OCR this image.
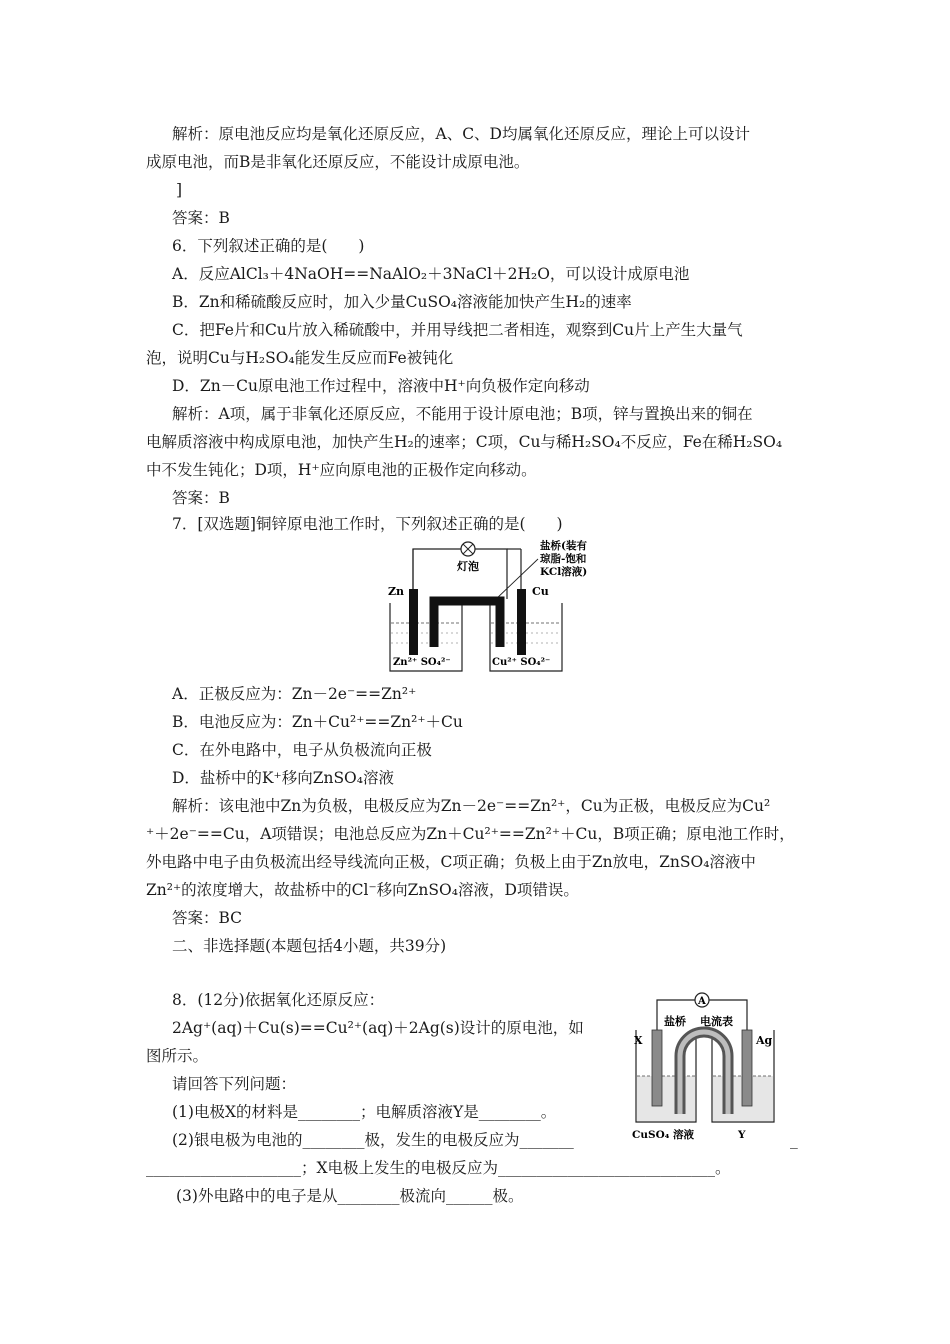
解析：原电池反应均是氧化还原反应，A、C、D均属氧化还原反应，理论上可以设计
成原电池，而B是非氧化还原反应，不能设计成原电池。
]
答案：B
6．下列叙述正确的是(　　)
A．反应AlCl₃＋4NaOH==NaAlO₂＋3NaCl＋2H₂O，可以设计成原电池
B．Zn和稀硫酸反应时，加入少量CuSO₄溶液能加快产生H₂的速率
C．把Fe片和Cu片放入稀硫酸中，并用导线把二者相连，观察到Cu片上产生大量气
泡，说明Cu与H₂SO₄能发生反应而Fe被钝化
D．Zn－Cu原电池工作过程中，溶液中H⁺向负极作定向移动
解析：A项，属于非氧化还原反应，不能用于设计原电池；B项，锌与置换出来的铜在
电解质溶液中构成原电池，加快产生H₂的速率；C项，Cu与稀H₂SO₄不反应，Fe在稀H₂SO₄
中不发生钝化；D项，H⁺应向原电池的正极作定向移动。
答案：B
7．[双选题]铜锌原电池工作时，下列叙述正确的是(　　)
灯泡
盐桥(装有
琼脂-饱和
KCl溶液)
Zn	Cu
Zn²⁺ SO₄²⁻	Cu²⁺ SO₄²⁻
A．正极反应为：Zn－2e⁻==Zn²⁺
B．电池反应为：Zn＋Cu²⁺==Zn²⁺＋Cu
C．在外电路中，电子从负极流向正极
D．盐桥中的K⁺移向ZnSO₄溶液
解析：该电池中Zn为负极，电极反应为Zn－2e⁻==Zn²⁺，Cu为正极，电极反应为Cu²
⁺＋2e⁻==Cu，A项错误；电池总反应为Zn＋Cu²⁺==Zn²⁺＋Cu，B项正确；原电池工作时，
外电路中电子由负极流出经导线流向正极，C项正确；负极上由于Zn放电，ZnSO₄溶液中
Zn²⁺的浓度增大，故盐桥中的Cl⁻移向ZnSO₄溶液，D项错误。
答案：BC
二、非选择题(本题包括4小题，共39分)
8．(12分)依据氧化还原反应：
2Ag⁺(aq)＋Cu(s)==Cu²⁺(aq)＋2Ag(s)设计的原电池，如
图所示。
请回答下列问题：
(1)电极X的材料是________；电解质溶液Y是________。
(2)银电极为电池的________极，发生的电极反应为_______	_
____________________；X电极上发生的电极反应为____________________________。
(3)外电路中的电子是从________极流向______极。
A
电流表
盐桥
X	Ag
CuSO₄ 溶液	Y
